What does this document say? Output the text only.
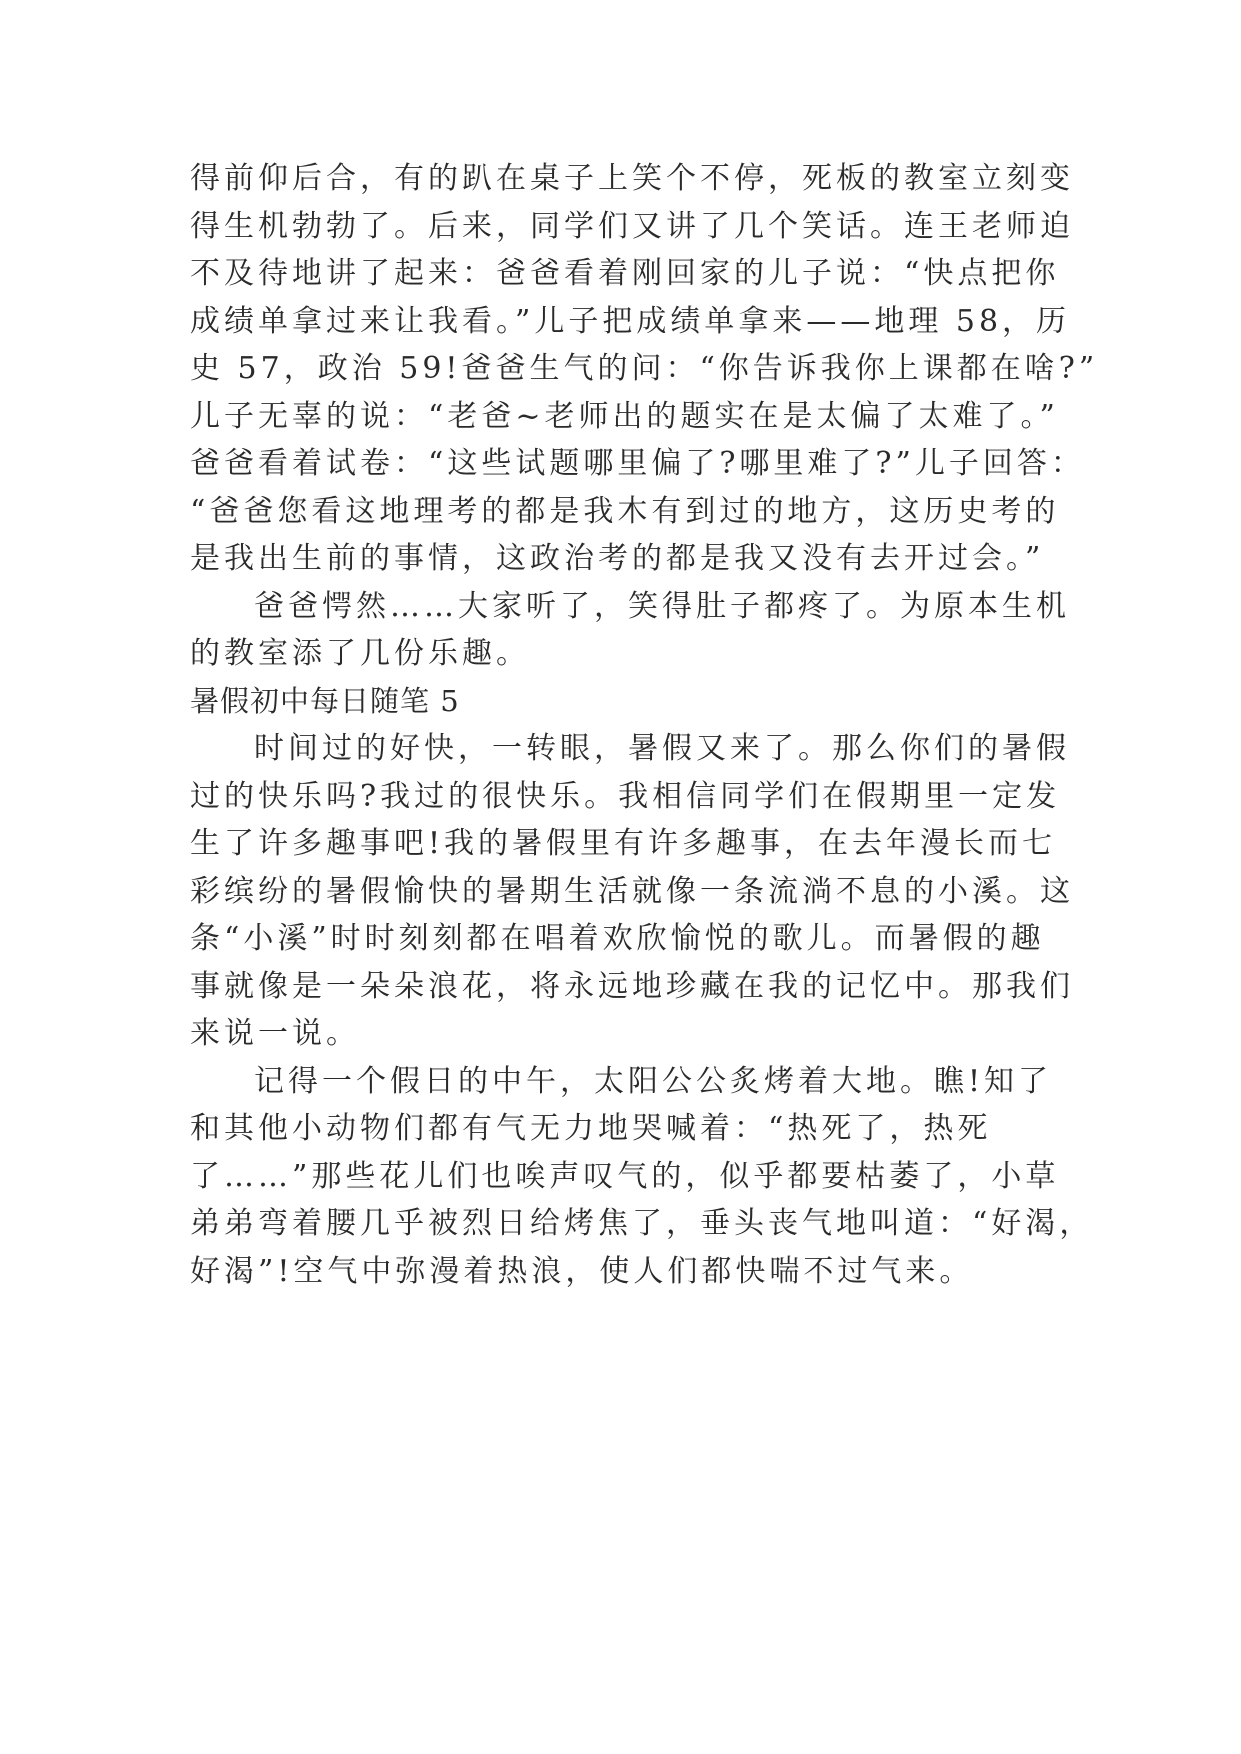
得前仰后合，有的趴在桌子上笑个不停，死板的教室立刻变
得生机勃勃了。后来，同学们又讲了几个笑话。连王老师迫
不及待地讲了起来：爸爸看着刚回家的儿子说：“快点把你
成绩单拿过来让我看。”儿子把成绩单拿来——地理 58，历
史 57，政治 59!爸爸生气的问：“你告诉我你上课都在啥?”
儿子无辜的说：“老爸~老师出的题实在是太偏了太难了。”
爸爸看着试卷：“这些试题哪里偏了?哪里难了?”儿子回答：
“爸爸您看这地理考的都是我木有到过的地方，这历史考的
是我出生前的事情，这政治考的都是我又没有去开过会。”
爸爸愕然……大家听了，笑得肚子都疼了。为原本生机
的教室添了几份乐趣。
暑假初中每日随笔 5
时间过的好快，一转眼，暑假又来了。那么你们的暑假
过的快乐吗?我过的很快乐。我相信同学们在假期里一定发
生了许多趣事吧!我的暑假里有许多趣事，在去年漫长而七
彩缤纷的暑假愉快的暑期生活就像一条流淌不息的小溪。这
条“小溪”时时刻刻都在唱着欢欣愉悦的歌儿。而暑假的趣
事就像是一朵朵浪花，将永远地珍藏在我的记忆中。那我们
来说一说。
记得一个假日的中午，太阳公公炙烤着大地。瞧!知了
和其他小动物们都有气无力地哭喊着：“热死了，热死
了……”那些花儿们也唉声叹气的，似乎都要枯萎了，小草
弟弟弯着腰几乎被烈日给烤焦了，垂头丧气地叫道：“好渴，
好渴”!空气中弥漫着热浪，使人们都快喘不过气来。
